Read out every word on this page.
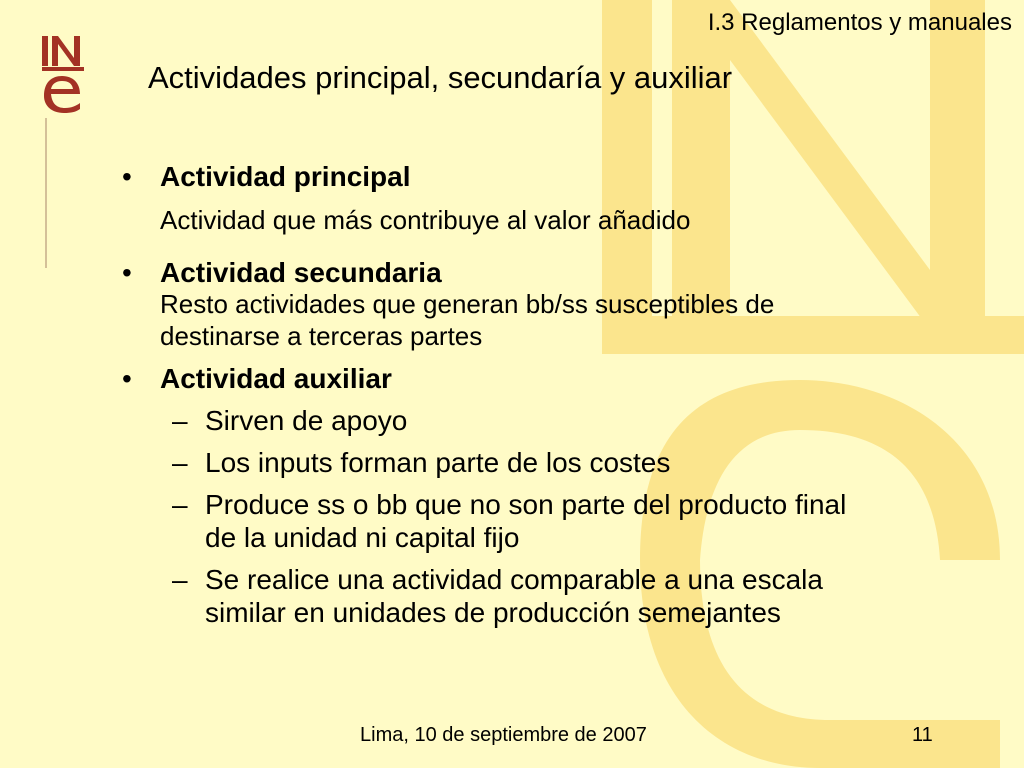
I.3 Reglamentos y manuales
Actividades principal, secundaría y auxiliar
• Actividad principal
Actividad que más contribuye al valor añadido
• Actividad secundaria
Resto actividades que generan bb/ss susceptibles de
destinarse a terceras partes
• Actividad auxiliar
– Sirven de apoyo
– Los inputs forman parte de los costes
– Produce ss o bb que no son parte del producto final
de la unidad ni capital fijo
– Se realice una actividad comparable a una escala
similar en unidades de producción semejantes
Lima, 10 de septiembre de 2007	11
